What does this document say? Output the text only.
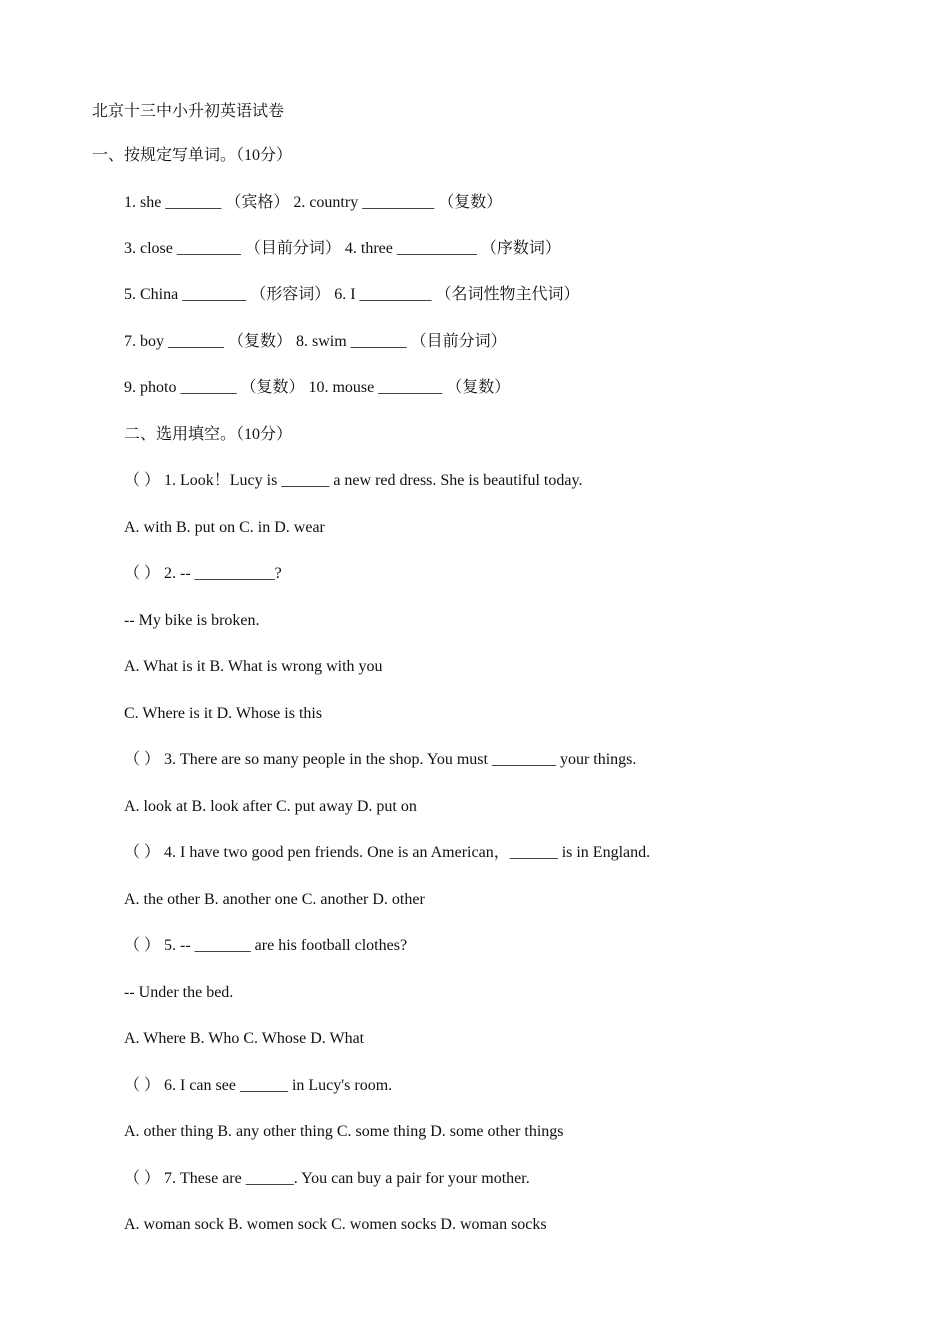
北京十三中小升初英语试卷
一、按规定写单词。（10分）
1. she _______ （宾格） 2. country _________ （复数）
3. close ________ （目前分词） 4. three __________ （序数词）
5. China ________ （形容词） 6. I _________ （名词性物主代词）
7. boy _______ （复数） 8. swim _______ （目前分词）
9. photo _______ （复数） 10. mouse ________ （复数）
二、选用填空。（10分）
（ ） 1. Look！Lucy is ______ a new red dress. She is beautiful today.
A. with B. put on C. in D. wear
（ ） 2. -- __________?
-- My bike is broken.
A. What is it B. What is wrong with you
C. Where is it D. Whose is this
（ ） 3. There are so many people in the shop. You must ________ your things.
A. look at B. look after C. put away D. put on
（ ） 4. I have two good pen friends. One is an American，______ is in England.
A. the other B. another one C. another D. other
（ ） 5. -- _______ are his football clothes?
-- Under the bed.
A. Where B. Who C. Whose D. What
（ ） 6. I can see ______ in Lucy's room.
A. other thing B. any other thing C. some thing D. some other things
（ ） 7. These are ______. You can buy a pair for your mother.
A. woman sock B. women sock C. women socks D. woman socks
